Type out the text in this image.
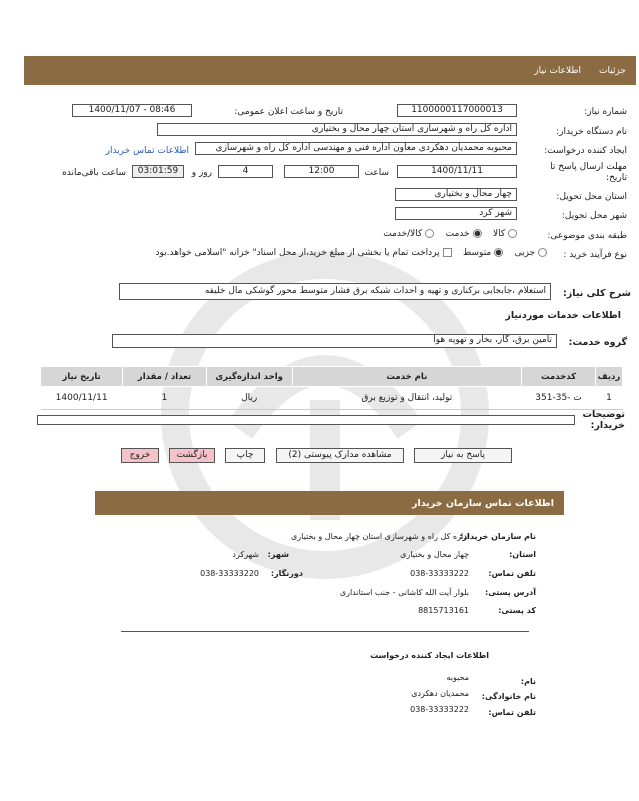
جزئیات
اطلاعات نیاز
شماره نیاز:
1100000117000013
تاریخ و ساعت اعلان عمومی:
1400/11/07 - 08:46
نام دستگاه خریدار:
اداره کل راه و شهرسازی استان چهار محال و بختیاری
ایجاد کننده درخواست:
محبوبه محمدیان دهکردی معاون اداره فنی و مهندسی اداره کل راه و شهرسازی
اطلاعات تماس خریدار
مهلت ارسال پاسخ تا تاریخ:
1400/11/11
ساعت
12:00
4
روز و
03:01:59
ساعت باقی‌مانده
استان محل تحویل:
چهار محال و بختیاری
شهر محل تحویل:
شهر کرد
طبقه بندی موضوعی:
کالا     خدمت     کالا/خدمت
نوع فرآیند خرید :
جزیی     متوسط     پرداخت تمام یا بخشی از مبلغ خرید،از محل اسناد" خزانه "اسلامی خواهد.بود
شرح کلی نیاز:
استعلام ،جابجایی برکناری و تهیه و احداث شبکه برق فشار متوسط محور گوشکی مال خلیفه
اطلاعات خدمات موردنیاز
گروه خدمت:
تامین برق، گاز، بخار و تهویه هوا
ردیف	کدخدمت	نام خدمت	واحد اندازه‌گیری	تعداد / مقدار	تاریخ نیاز
1	ت -35-351	تولید، انتقال و توزیع برق	ریال	1	1400/11/11
توضیحات خریدار:
پاسخ به نیاز
مشاهده مدارک پیوستی (2)
چاپ
بازگشت
خروج
اطلاعات تماس سازمان خریدار
نام سازمان خریدار:
اداره کل راه و شهرسازی استان چهار محال و بختیاری
استان:
چهار محال و بختیاری
شهر:
شهرکرد
تلفن تماس:
038-33333222
دورنگار:
038-33333220
آدرس پستی:
بلوار آیت الله کاشانی - جنب استانداری
کد پستی:
8815713161
اطلاعات ایجاد کننده درخواست
نام:
محبوبه
نام خانوادگی:
محمدیان دهکردی
تلفن تماس:
038-33333222
